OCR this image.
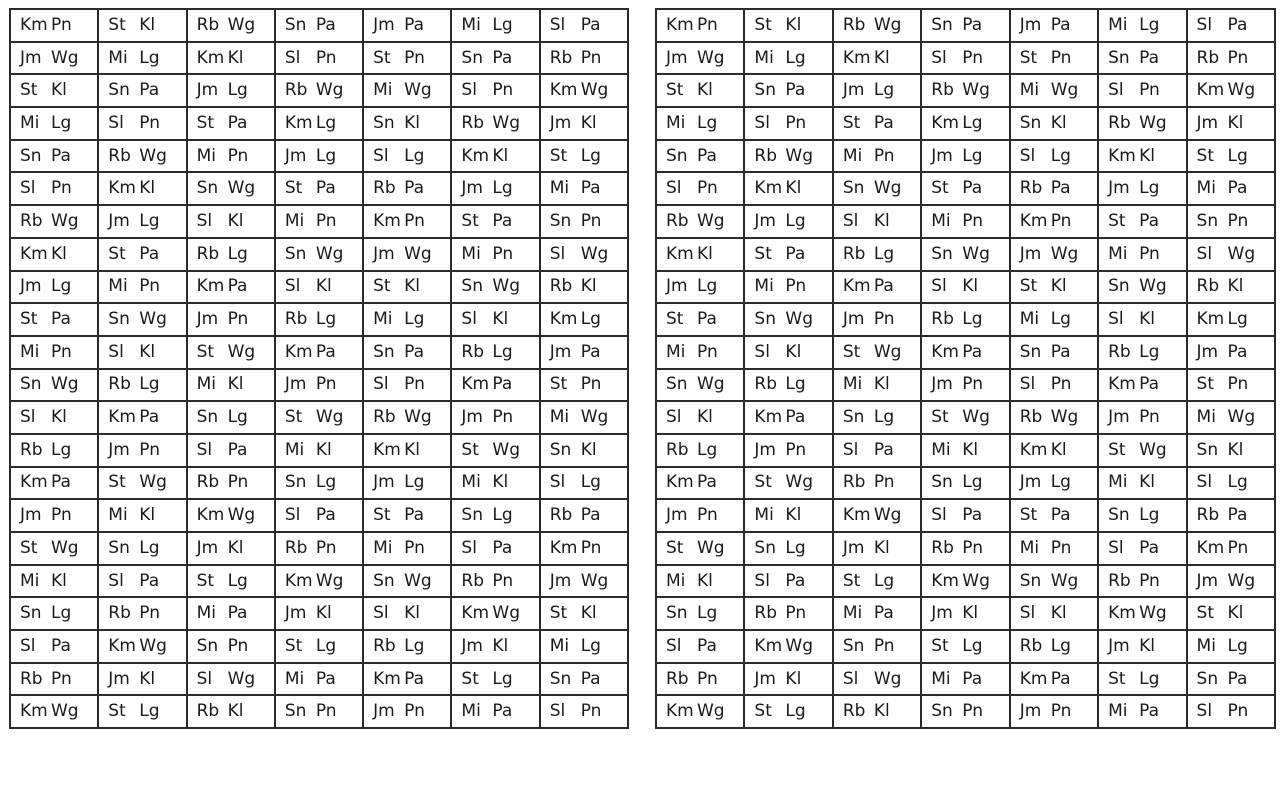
Km Pn	St Kl	Rb Wg	Sn Pa	Jm Pa	Mi Lg	Sl Pa
Jm Wg	Mi Lg	Km Kl	Sl Pn	St Pn	Sn Pa	Rb Pn
St Kl	Sn Pa	Jm Lg	Rb Wg	Mi Wg	Sl Pn	Km Wg
Mi Lg	Sl Pn	St Pa	Km Lg	Sn Kl	Rb Wg	Jm Kl
Sn Pa	Rb Wg	Mi Pn	Jm Lg	Sl Lg	Km Kl	St Lg
Sl Pn	Km Kl	Sn Wg	St Pa	Rb Pa	Jm Lg	Mi Pa
Rb Wg	Jm Lg	Sl Kl	Mi Pn	Km Pn	St Pa	Sn Pn
Km Kl	St Pa	Rb Lg	Sn Wg	Jm Wg	Mi Pn	Sl Wg
Jm Lg	Mi Pn	Km Pa	Sl Kl	St Kl	Sn Wg	Rb Kl
St Pa	Sn Wg	Jm Pn	Rb Lg	Mi Lg	Sl Kl	Km Lg
Mi Pn	Sl Kl	St Wg	Km Pa	Sn Pa	Rb Lg	Jm Pa
Sn Wg	Rb Lg	Mi Kl	Jm Pn	Sl Pn	Km Pa	St Pn
Sl Kl	Km Pa	Sn Lg	St Wg	Rb Wg	Jm Pn	Mi Wg
Rb Lg	Jm Pn	Sl Pa	Mi Kl	Km Kl	St Wg	Sn Kl
Km Pa	St Wg	Rb Pn	Sn Lg	Jm Lg	Mi Kl	Sl Lg
Jm Pn	Mi Kl	Km Wg	Sl Pa	St Pa	Sn Lg	Rb Pa
St Wg	Sn Lg	Jm Kl	Rb Pn	Mi Pn	Sl Pa	Km Pn
Mi Kl	Sl Pa	St Lg	Km Wg	Sn Wg	Rb Pn	Jm Wg
Sn Lg	Rb Pn	Mi Pa	Jm Kl	Sl Kl	Km Wg	St Kl
Sl Pa	Km Wg	Sn Pn	St Lg	Rb Lg	Jm Kl	Mi Lg
Rb Pn	Jm Kl	Sl Wg	Mi Pa	Km Pa	St Lg	Sn Pa
Km Wg	St Lg	Rb Kl	Sn Pn	Jm Pn	Mi Pa	Sl Pn
Km Pn	St Kl	Rb Wg	Sn Pa	Jm Pa	Mi Lg	Sl Pa
Jm Wg	Mi Lg	Km Kl	Sl Pn	St Pn	Sn Pa	Rb Pn
St Kl	Sn Pa	Jm Lg	Rb Wg	Mi Wg	Sl Pn	Km Wg
Mi Lg	Sl Pn	St Pa	Km Lg	Sn Kl	Rb Wg	Jm Kl
Sn Pa	Rb Wg	Mi Pn	Jm Lg	Sl Lg	Km Kl	St Lg
Sl Pn	Km Kl	Sn Wg	St Pa	Rb Pa	Jm Lg	Mi Pa
Rb Wg	Jm Lg	Sl Kl	Mi Pn	Km Pn	St Pa	Sn Pn
Km Kl	St Pa	Rb Lg	Sn Wg	Jm Wg	Mi Pn	Sl Wg
Jm Lg	Mi Pn	Km Pa	Sl Kl	St Kl	Sn Wg	Rb Kl
St Pa	Sn Wg	Jm Pn	Rb Lg	Mi Lg	Sl Kl	Km Lg
Mi Pn	Sl Kl	St Wg	Km Pa	Sn Pa	Rb Lg	Jm Pa
Sn Wg	Rb Lg	Mi Kl	Jm Pn	Sl Pn	Km Pa	St Pn
Sl Kl	Km Pa	Sn Lg	St Wg	Rb Wg	Jm Pn	Mi Wg
Rb Lg	Jm Pn	Sl Pa	Mi Kl	Km Kl	St Wg	Sn Kl
Km Pa	St Wg	Rb Pn	Sn Lg	Jm Lg	Mi Kl	Sl Lg
Jm Pn	Mi Kl	Km Wg	Sl Pa	St Pa	Sn Lg	Rb Pa
St Wg	Sn Lg	Jm Kl	Rb Pn	Mi Pn	Sl Pa	Km Pn
Mi Kl	Sl Pa	St Lg	Km Wg	Sn Wg	Rb Pn	Jm Wg
Sn Lg	Rb Pn	Mi Pa	Jm Kl	Sl Kl	Km Wg	St Kl
Sl Pa	Km Wg	Sn Pn	St Lg	Rb Lg	Jm Kl	Mi Lg
Rb Pn	Jm Kl	Sl Wg	Mi Pa	Km Pa	St Lg	Sn Pa
Km Wg	St Lg	Rb Kl	Sn Pn	Jm Pn	Mi Pa	Sl Pn
